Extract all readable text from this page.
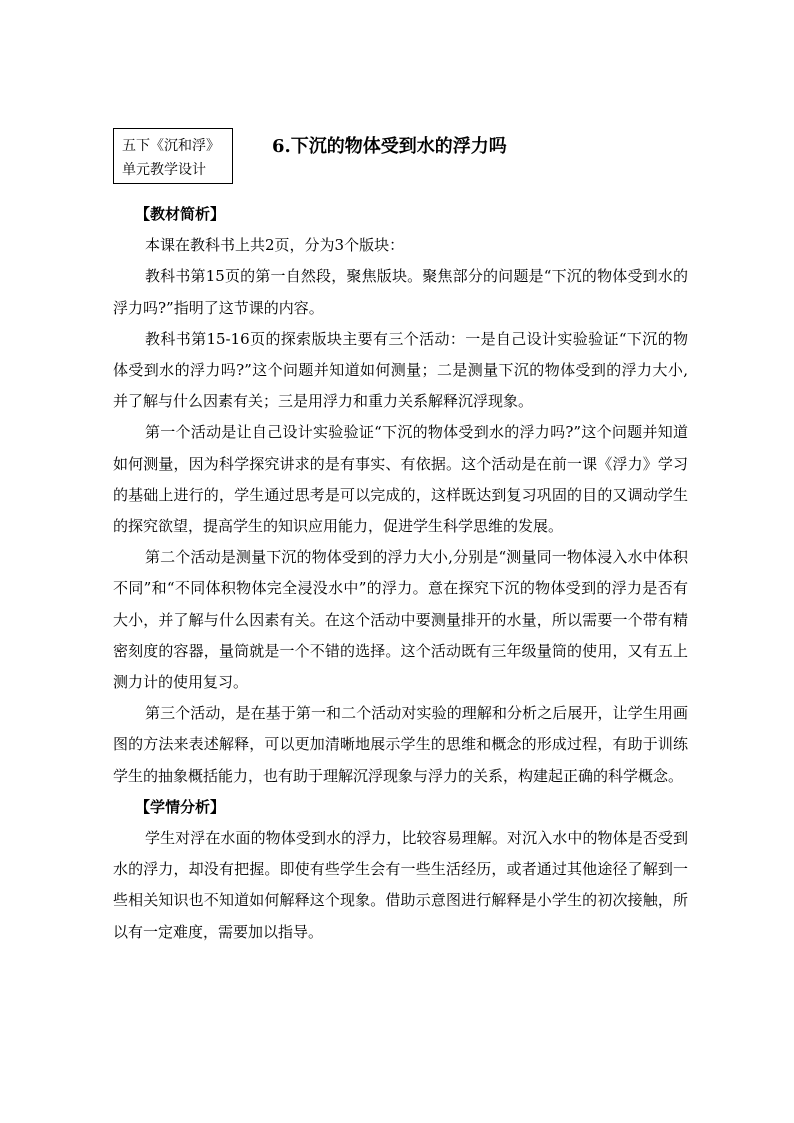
五下《沉和浮》
单元教学设计
6.下沉的物体受到水的浮力吗

【教材简析】

本课在教科书上共2页，分为3个版块：

教科书第15页的第一自然段，聚焦版块。聚焦部分的问题是“下沉的物体受到水的浮力吗?”指明了这节课的内容。

教科书第15-16页的探索版块主要有三个活动：一是自己设计实验验证“下沉的物体受到水的浮力吗?”这个问题并知道如何测量；二是测量下沉的物体受到的浮力大小,并了解与什么因素有关；三是用浮力和重力关系解释沉浮现象。

第一个活动是让自己设计实验验证“下沉的物体受到水的浮力吗?”这个问题并知道如何测量，因为科学探究讲求的是有事实、有依据。这个活动是在前一课《浮力》学习的基础上进行的，学生通过思考是可以完成的，这样既达到复习巩固的目的又调动学生的探究欲望，提高学生的知识应用能力，促进学生科学思维的发展。

第二个活动是测量下沉的物体受到的浮力大小,分别是“测量同一物体浸入水中体积不同”和“不同体积物体完全浸没水中”的浮力。意在探究下沉的物体受到的浮力是否有大小，并了解与什么因素有关。在这个活动中要测量排开的水量，所以需要一个带有精密刻度的容器，量筒就是一个不错的选择。这个活动既有三年级量筒的使用，又有五上测力计的使用复习。

第三个活动，是在基于第一和二个活动对实验的理解和分析之后展开，让学生用画图的方法来表述解释，可以更加清晰地展示学生的思维和概念的形成过程，有助于训练学生的抽象概括能力，也有助于理解沉浮现象与浮力的关系，构建起正确的科学概念。

【学情分析】

学生对浮在水面的物体受到水的浮力，比较容易理解。对沉入水中的物体是否受到水的浮力，却没有把握。即使有些学生会有一些生活经历，或者通过其他途径了解到一些相关知识也不知道如何解释这个现象。借助示意图进行解释是小学生的初次接触，所以有一定难度，需要加以指导。
